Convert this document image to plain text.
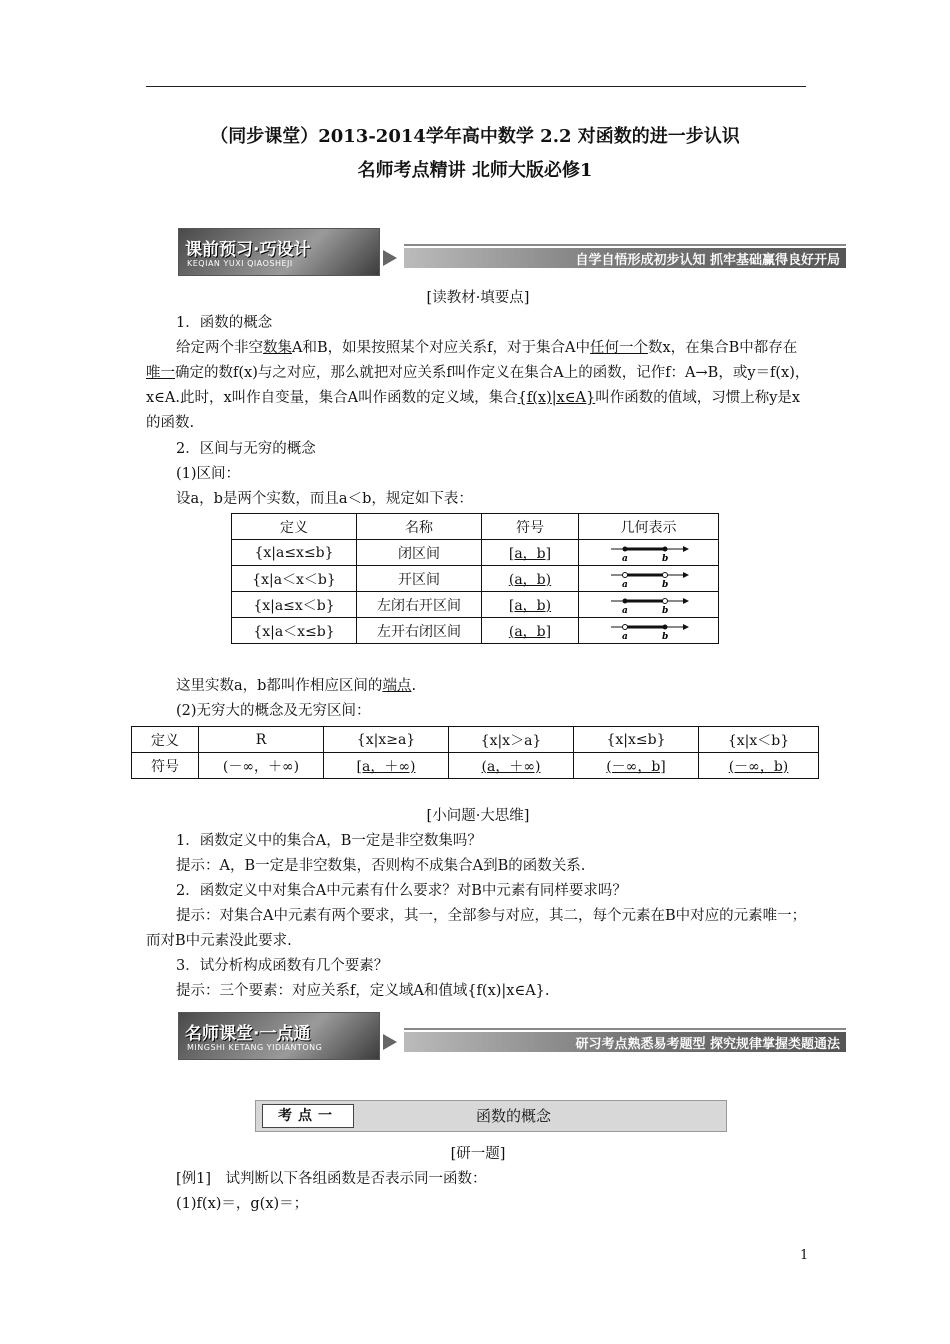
（同步课堂）2013-2014学年高中数学 2.2 对函数的进一步认识
名师考点精讲 北师大版必修1
课前预习·巧设计
KEQIAN YUXI QIAOSHEJI	自学自悟形成初步认知 抓牢基础赢得良好开局
[读教材·填要点]
1．函数的概念
给定两个非空数集A和B，如果按照某个对应关系f，对于集合A中任何一个数x，在集合B中都存在唯一确定的数f(x)与之对应，那么就把对应关系f叫作定义在集合A上的函数，记作f：A→B，或y＝f(x)，x∈A.此时，x叫作自变量，集合A叫作函数的定义域，集合{f(x)|x∈A}叫作函数的值域，习惯上称y是x的函数.
2．区间与无穷的概念
(1)区间：
设a，b是两个实数，而且a＜b，规定如下表：
定义	名称	符号	几何表示
{x|a≤x≤b}	闭区间	[a，b]	a b

{x|a＜x＜b}	开区间	(a，b)	a b

{x|a≤x＜b}	左闭右开区间	[a，b)	a b

{x|a＜x≤b}	左开右闭区间	(a，b]	a b
这里实数a，b都叫作相应区间的端点.
(2)无穷大的概念及无穷区间：
定义	R	{x|x≥a}	{x|x＞a}	{x|x≤b}	{x|x＜b}
符号	(－∞，＋∞)	[a，＋∞)	(a，＋∞)	(－∞，b]	(－∞，b)
[小问题·大思维]
1．函数定义中的集合A，B一定是非空数集吗？
提示：A，B一定是非空数集，否则构不成集合A到B的函数关系.
2．函数定义中对集合A中元素有什么要求？对B中元素有同样要求吗？
提示：对集合A中元素有两个要求，其一，全部参与对应，其二，每个元素在B中对应的元素唯一；而对B中元素没此要求.
3．试分析构成函数有几个要素？
提示：三个要素：对应关系f，定义域A和值域{f(x)|x∈A}.
名师课堂·一点通
MINGSHI KETANG YIDIANTONG	研习考点熟悉易考题型 探究规律掌握类题通法
考点一	函数的概念
[研一题]
[例1]　试判断以下各组函数是否表示同一函数：
(1)f(x)＝，g(x)＝；
1
